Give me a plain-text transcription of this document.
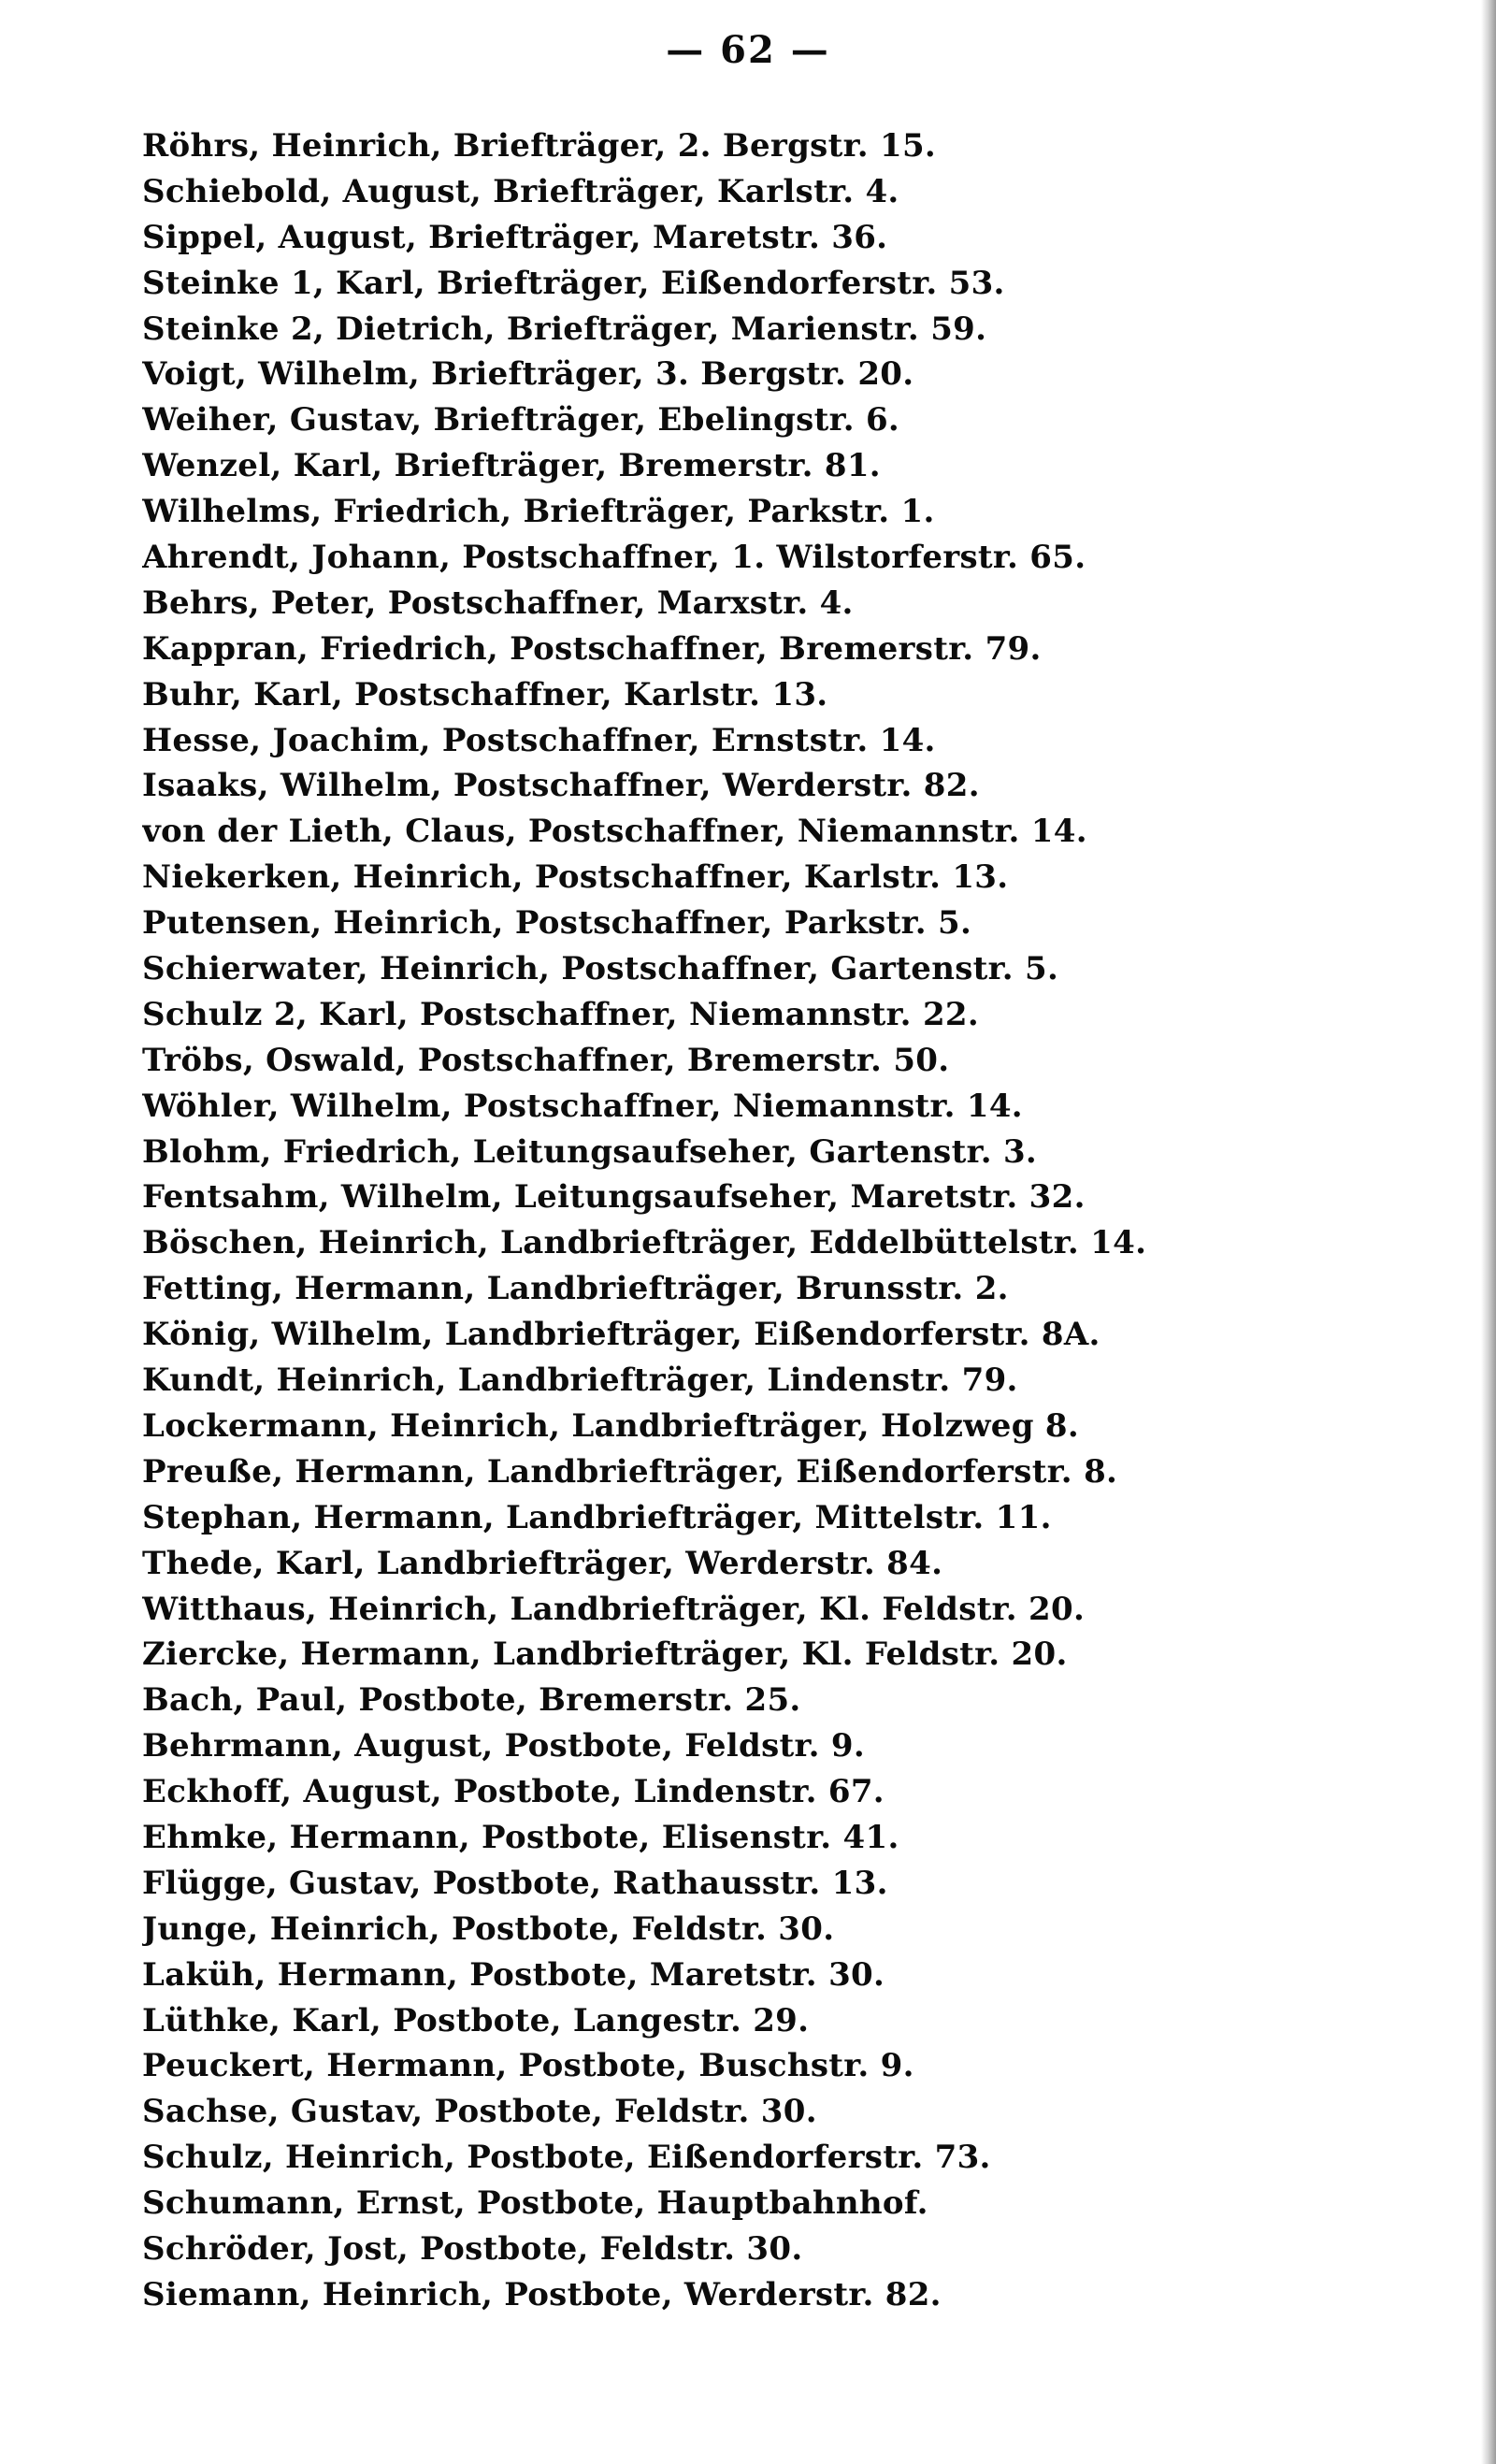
— 62 —
Röhrs, Heinrich, Briefträger, 2. Bergstr. 15.
Schiebold, August, Briefträger, Karlstr. 4.
Sippel, August, Briefträger, Maretstr. 36.
Steinke 1, Karl, Briefträger, Eißendorferstr. 53.
Steinke 2, Dietrich, Briefträger, Marienstr. 59.
Voigt, Wilhelm, Briefträger, 3. Bergstr. 20.
Weiher, Gustav, Briefträger, Ebelingstr. 6.
Wenzel, Karl, Briefträger, Bremerstr. 81.
Wilhelms, Friedrich, Briefträger, Parkstr. 1.
Ahrendt, Johann, Postschaffner, 1. Wilstorferstr. 65.
Behrs, Peter, Postschaffner, Marxstr. 4.
Kappran, Friedrich, Postschaffner, Bremerstr. 79.
Buhr, Karl, Postschaffner, Karlstr. 13.
Hesse, Joachim, Postschaffner, Ernststr. 14.
Isaaks, Wilhelm, Postschaffner, Werderstr. 82.
von der Lieth, Claus, Postschaffner, Niemannstr. 14.
Niekerken, Heinrich, Postschaffner, Karlstr. 13.
Putensen, Heinrich, Postschaffner, Parkstr. 5.
Schierwater, Heinrich, Postschaffner, Gartenstr. 5.
Schulz 2, Karl, Postschaffner, Niemannstr. 22.
Tröbs, Oswald, Postschaffner, Bremerstr. 50.
Wöhler, Wilhelm, Postschaffner, Niemannstr. 14.
Blohm, Friedrich, Leitungsaufseher, Gartenstr. 3.
Fentsahm, Wilhelm, Leitungsaufseher, Maretstr. 32.
Böschen, Heinrich, Landbriefträger, Eddelbüttelstr. 14.
Fetting, Hermann, Landbriefträger, Brunsstr. 2.
König, Wilhelm, Landbriefträger, Eißendorferstr. 8A.
Kundt, Heinrich, Landbriefträger, Lindenstr. 79.
Lockermann, Heinrich, Landbriefträger, Holzweg 8.
Preuße, Hermann, Landbriefträger, Eißendorferstr. 8.
Stephan, Hermann, Landbriefträger, Mittelstr. 11.
Thede, Karl, Landbriefträger, Werderstr. 84.
Witthaus, Heinrich, Landbriefträger, Kl. Feldstr. 20.
Ziercke, Hermann, Landbriefträger, Kl. Feldstr. 20.
Bach, Paul, Postbote, Bremerstr. 25.
Behrmann, August, Postbote, Feldstr. 9.
Eckhoff, August, Postbote, Lindenstr. 67.
Ehmke, Hermann, Postbote, Elisenstr. 41.
Flügge, Gustav, Postbote, Rathausstr. 13.
Junge, Heinrich, Postbote, Feldstr. 30.
Laküh, Hermann, Postbote, Maretstr. 30.
Lüthke, Karl, Postbote, Langestr. 29.
Peuckert, Hermann, Postbote, Buschstr. 9.
Sachse, Gustav, Postbote, Feldstr. 30.
Schulz, Heinrich, Postbote, Eißendorferstr. 73.
Schumann, Ernst, Postbote, Hauptbahnhof.
Schröder, Jost, Postbote, Feldstr. 30.
Siemann, Heinrich, Postbote, Werderstr. 82.
